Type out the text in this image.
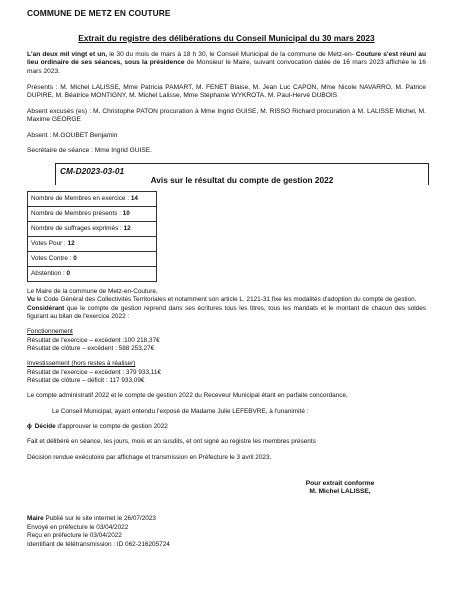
COMMUNE DE METZ EN COUTURE
Extrait du registre des délibérations du Conseil Municipal du 30 mars 2023

L'an deux mil vingt et un, le 30 du mois de mars à 18 h 30, le Conseil Municipal de la commune de Metz-en- Couture s'est réuni au lieu ordinaire de ses séances, sous la présidence de Monsieur le Maire, suivant convocation datée de 16 mars 2023 affichée le 16 mars 2023.

Présents : M. Michel LALISSE, Mme Patricia PAMART, M. FENET Blaise, M. Jean Luc CAPON, Mme Nicole NAVARRO, M. Patrice DUPIRE, M. Béatrice MONTIGNY, M. Michel Lalisse, Mme Stéphanie WYKROTA, M. Paul-Hervé DUBOIS

Absent excusés (es) : M. Christophe PATON procuration à Mme Ingrid GUISE, M. RISSO Richard procuration à M. LALISSE Michel, M. Maxime GEORGE

Absent : M.GOUBET Benjamin

Secrétaire de séance : Mme Ingrid GUISE.

CM-D2023-03-01
Avis sur le résultat du compte de gestion 2022
Nombre de Membres en exercice : 14
Nombre de Membres présents : 10
Nombre de suffrages exprimés : 12
Votes Pour : 12
Votes Contre : 0
Abstention : 0
Le Maire de la commune de Metz-en-Couture,
Vu le Code Général des Collectivités Territoriales et notamment son article L. 2121-31 fixe les modalités d'adoption du compte de gestion.
Considérant que le compte de gestion reprend dans ses écritures tous les titres, tous les mandats et le montant de chacun des soldes figurant au bilan de l'exercice 2022 :
Fonctionnement
Résultat de l'exercice – excédent :100 218,37€
Résultat de clôture – excédent : 588 253,27€
Investissement (hors restes à réaliser)
Résultat de l'exercice – excédent : 379 933,11€
Résultat de clôture – déficit : 117 933,09€
Le compte administratif 2022 et le compte de gestion 2022 du Receveur Municipal étant en parfaite concordance,
Le Conseil Municipal, ayant entendu l'exposé de Madame Julie LEFEBVRE, à l'unanimité :
ϕ Décide d'approuver le compte de gestion 2022
Fait et délibéré en séance, les jours, mois et an susdits, et ont signé au registre les membres présents
Décision rendue exécutoire par affichage et transmission en Préfecture le 3 avril 2023.
Pour extrait conforme
M. Michel LALISSE,
Maire Publié sur le site internet le 26/07/2023
Envoyé en préfecture le 03/04/2022
Reçu en préfecture le 03/04/2022
Identifiant de télétransmission : ID 062-216205724
